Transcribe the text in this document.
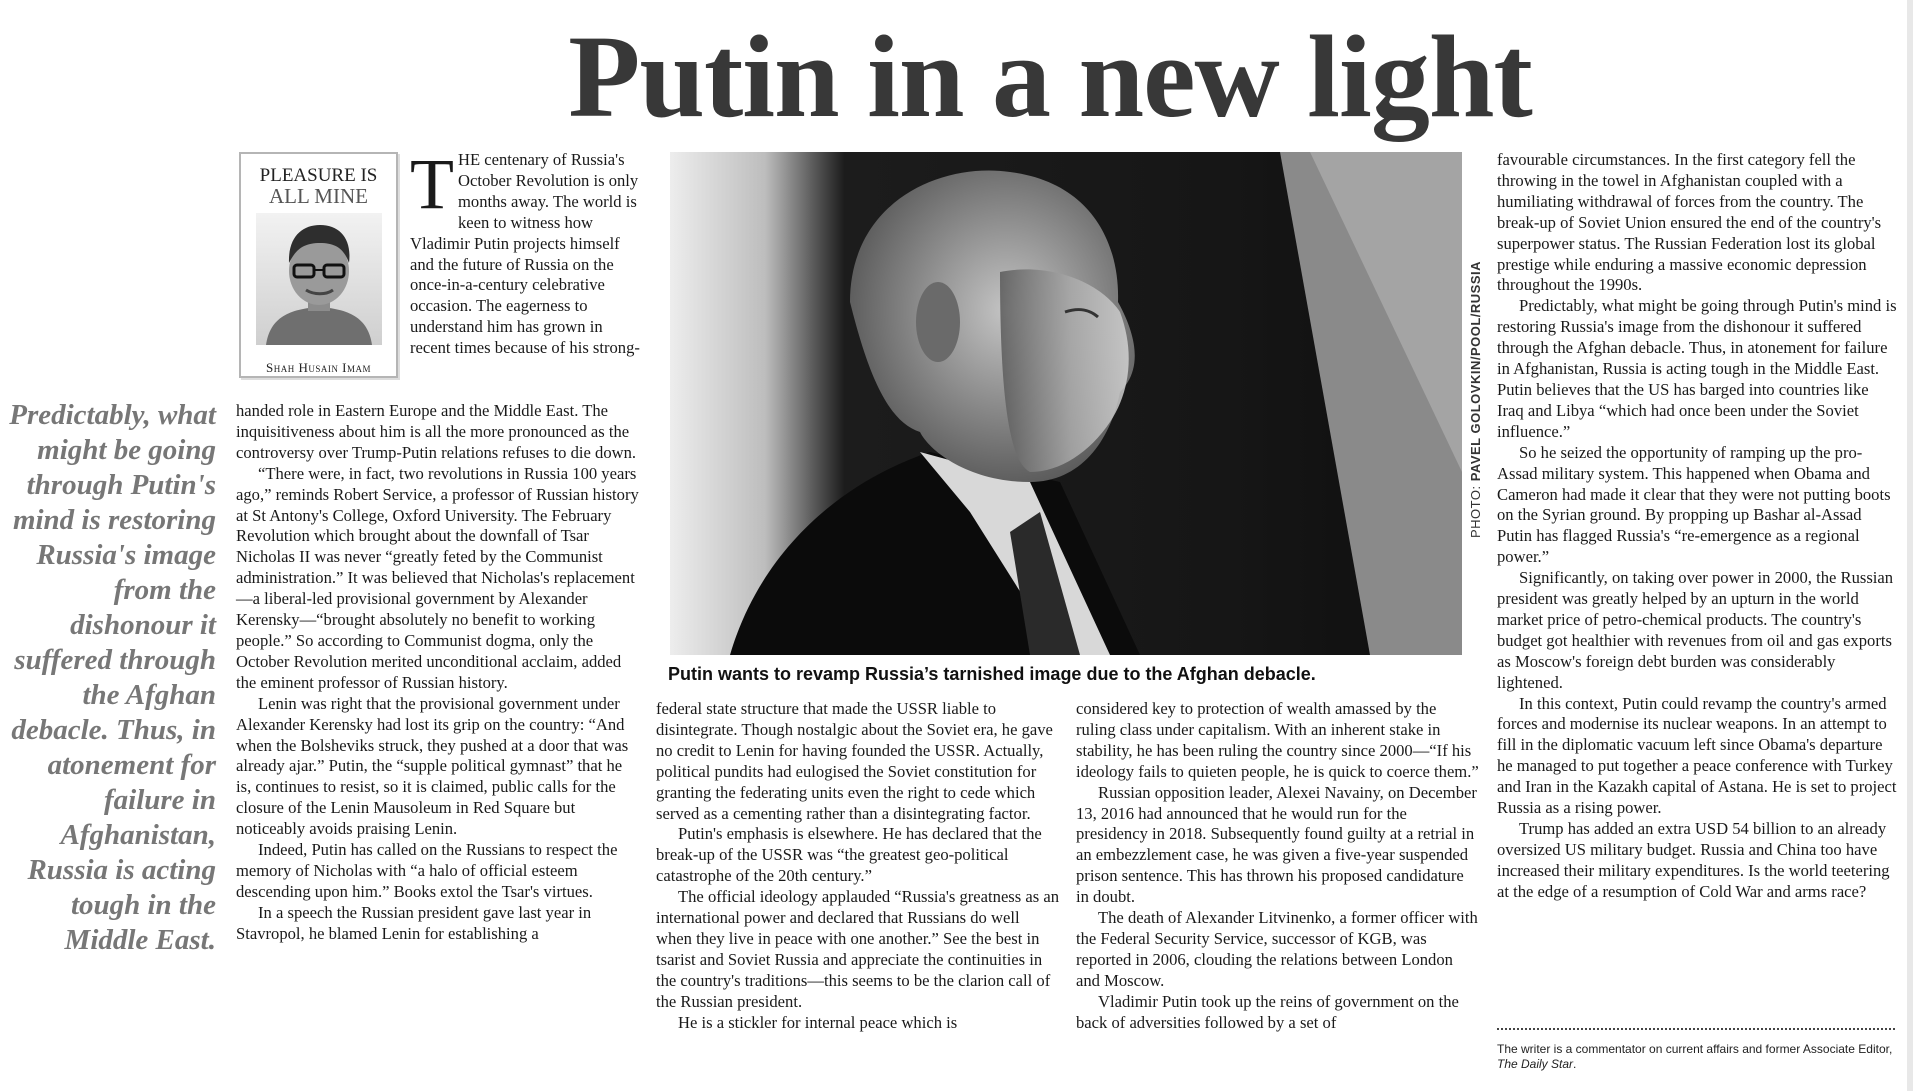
Putin in a new light
Predictably, what might be going through Putin's mind is restoring Russia's image from the dishonour it suffered through the Afghan debacle. Thus, in atonement for failure in Afghanistan, Russia is acting tough in the Middle East.
PLEASURE IS
ALL MINE
Shah Husain Imam
T HE centenary of Russia's October Revolution is only months away. The world is keen to witness how Vladimir Putin projects himself and the future of Russia on the once-in-a-century celebrative occasion. The eagerness to understand him has grown in recent times because of his strong-

handed role in Eastern Europe and the Middle East. The inquisitiveness about him is all the more pronounced as the controversy over Trump-Putin relations refuses to die down.

“There were, in fact, two revolutions in Russia 100 years ago,” reminds Robert Service, a professor of Russian history at St Antony's College, Oxford University. The February Revolution which brought about the downfall of Tsar Nicholas II was never “greatly feted by the Communist administration.” It was believed that Nicholas's replacement—a liberal-led provisional government by Alexander Kerensky—“brought absolutely no benefit to working people.” So according to Communist dogma, only the October Revolution merited unconditional acclaim, added the eminent professor of Russian history.

Lenin was right that the provisional government under Alexander Kerensky had lost its grip on the country: “And when the Bolsheviks struck, they pushed at a door that was already ajar.” Putin, the “supple political gymnast” that he is, continues to resist, so it is claimed, public calls for the closure of the Lenin Mausoleum in Red Square but noticeably avoids praising Lenin.

Indeed, Putin has called on the Russians to respect the memory of Nicholas with “a halo of official esteem descending upon him.” Books extol the Tsar's virtues.

In a speech the Russian president gave last year in Stavropol, he blamed Lenin for establishing a

PHOTO: PAVEL GOLOVKIN/POOL/RUSSIA
Putin wants to revamp Russia’s tarnished image due to the Afghan debacle.

federal state structure that made the USSR liable to disintegrate. Though nostalgic about the Soviet era, he gave no credit to Lenin for having founded the USSR. Actually, political pundits had eulogised the Soviet constitution for granting the federating units even the right to cede which served as a cementing rather than a disintegrating factor.

Putin's emphasis is elsewhere. He has declared that the break-up of the USSR was “the greatest geo-political catastrophe of the 20th century.”

The official ideology applauded “Russia's greatness as an international power and declared that Russians do well when they live in peace with one another.” See the best in tsarist and Soviet Russia and appreciate the continuities in the country's traditions—this seems to be the clarion call of the Russian president.

He is a stickler for internal peace which is

considered key to protection of wealth amassed by the ruling class under capitalism. With an inherent stake in stability, he has been ruling the country since 2000—“If his ideology fails to quieten people, he is quick to coerce them.”

Russian opposition leader, Alexei Navainy, on December 13, 2016 had announced that he would run for the presidency in 2018. Subsequently found guilty at a retrial in an embezzlement case, he was given a five-year suspended prison sentence. This has thrown his proposed candidature in doubt.

The death of Alexander Litvinenko, a former officer with the Federal Security Service, successor of KGB, was reported in 2006, clouding the relations between London and Moscow.

Vladimir Putin took up the reins of government on the back of adversities followed by a set of

favourable circumstances. In the first category fell the throwing in the towel in Afghanistan coupled with a humiliating withdrawal of forces from the country. The break-up of Soviet Union ensured the end of the country's superpower status. The Russian Federation lost its global prestige while enduring a massive economic depression throughout the 1990s.

Predictably, what might be going through Putin's mind is restoring Russia's image from the dishonour it suffered through the Afghan debacle. Thus, in atonement for failure in Afghanistan, Russia is acting tough in the Middle East. Putin believes that the US has barged into countries like Iraq and Libya “which had once been under the Soviet influence.”

So he seized the opportunity of ramping up the pro-Assad military system. This happened when Obama and Cameron had made it clear that they were not putting boots on the Syrian ground. By propping up Bashar al-Assad Putin has flagged Russia's “re-emergence as a regional power.”

Significantly, on taking over power in 2000, the Russian president was greatly helped by an upturn in the world market price of petro-chemical products. The country's budget got healthier with revenues from oil and gas exports as Moscow's foreign debt burden was considerably lightened.

In this context, Putin could revamp the country's armed forces and modernise its nuclear weapons. In an attempt to fill in the diplomatic vacuum left since Obama's departure he managed to put together a peace conference with Turkey and Iran in the Kazakh capital of Astana. He is set to project Russia as a rising power.

Trump has added an extra USD 54 billion to an already oversized US military budget. Russia and China too have increased their military expenditures. Is the world teetering at the edge of a resumption of Cold War and arms race?

The writer is a commentator on current affairs and former Associate Editor, The Daily Star.
